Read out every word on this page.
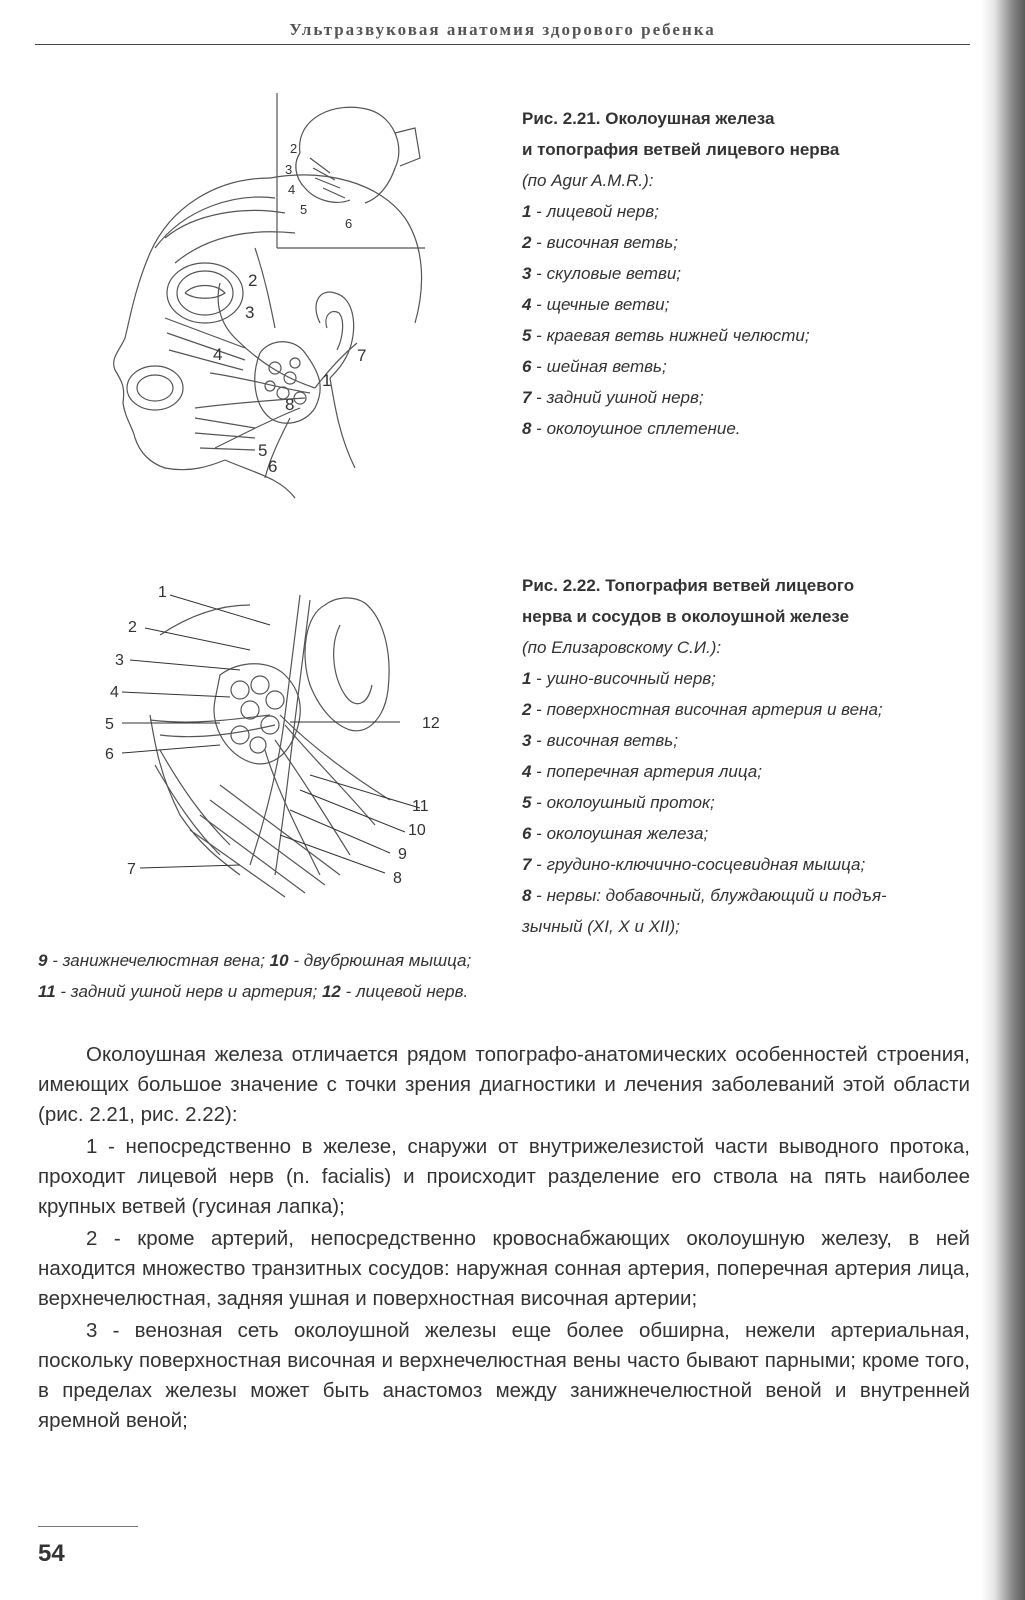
Ультразвуковая анатомия здорового ребенка
2
3
4
5
6
1
2
3
4
5
6
7
8
Рис. 2.21. Околоушная железа
и топография ветвей лицевого нерва
(по Agur A.M.R.):
1 - лицевой нерв;
2 - височная ветвь;
3 - скуловые ветви;
4 - щечные ветви;
5 - краевая ветвь нижней челюсти;
6 - шейная ветвь;
7 - задний ушной нерв;
8 - околоушное сплетение.
1
2
3
4
5
6
7
8
9
10
11
12
Рис. 2.22. Топография ветвей лицевого
нерва и сосудов в околоушной железе
(по Елизаровскому С.И.):
1 - ушно-височный нерв;
2 - поверхностная височная артерия и вена;
3 - височная ветвь;
4 - поперечная артерия лица;
5 - околоушный проток;
6 - околоушная железа;
7 - грудино-ключично-сосцевидная мышца;
8 - нервы: добавочный, блуждающий и подъя-
зычный (XI, X и XII);
9 - занижнечелюстная вена; 10 - двубрюшная мышца;
11 - задний ушной нерв и артерия; 12 - лицевой нерв.

Околоушная железа отличается рядом топографо-анатомических особенностей строения, имеющих большое значение с точки зрения диагностики и лечения заболеваний этой области (рис. 2.21, рис. 2.22):

1 - непосредственно в железе, снаружи от внутрижелезистой части выводного протока, проходит лицевой нерв (n. facialis) и происходит разделение его ствола на пять наиболее крупных ветвей (гусиная лапка);

2 - кроме артерий, непосредственно кровоснабжающих околоушную железу, в ней находится множество транзитных сосудов: наружная сонная артерия, поперечная артерия лица, верхнечелюстная, задняя ушная и поверхностная височная артерии;

3 - венозная сеть околоушной железы еще более обширна, нежели артериальная, поскольку поверхностная височная и верхнечелюстная вены часто бывают парными; кроме того, в пределах железы может быть анастомоз между занижнечелюстной веной и внутренней яремной веной;

54
